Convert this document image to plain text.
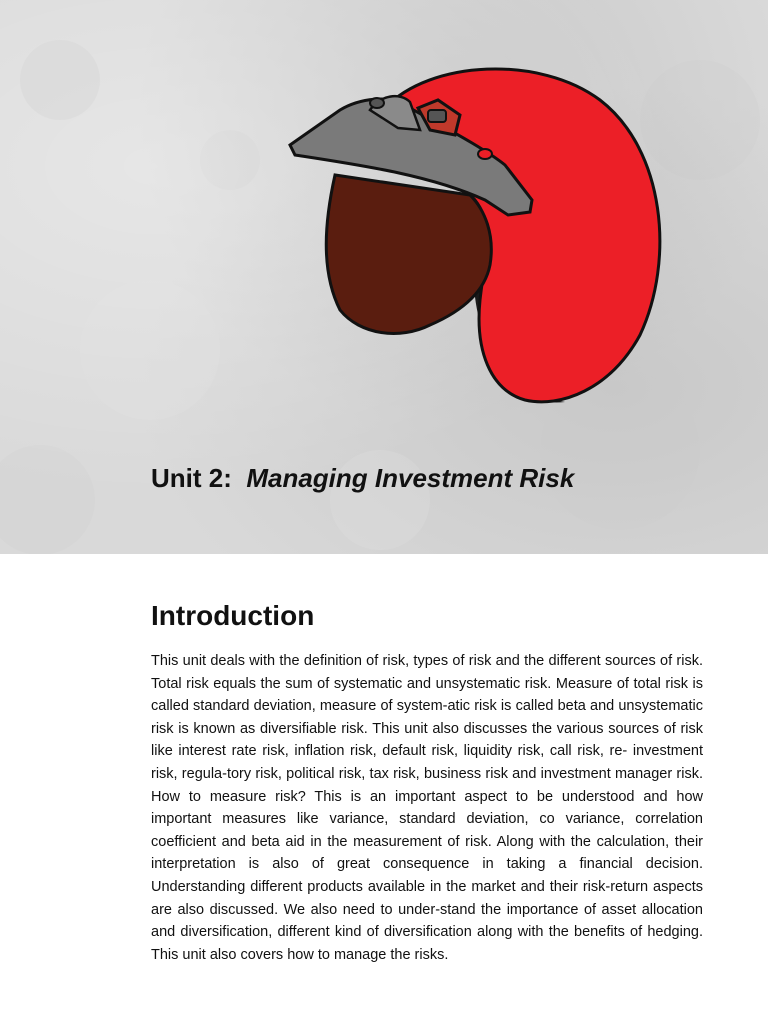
Unit 2: Managing Investment Risk
Introduction

This unit deals with the definition of risk, types of risk and the different sources of risk. Total risk equals the sum of systematic and unsystematic risk. Measure of total risk is called standard deviation, measure of system-atic risk is called beta and unsystematic risk is known as diversifiable risk. This unit also discusses the various sources of risk like interest rate risk, inflation risk, default risk, liquidity risk, call risk, re- investment risk, regula-tory risk, political risk, tax risk, business risk and investment manager risk. How to measure risk? This is an important aspect to be understood and how important measures like variance, standard deviation, co variance, correlation coefficient and beta aid in the measurement of risk. Along with the calculation, their interpretation is also of great consequence in taking a financial decision. Understanding different products available in the market and their risk-return aspects are also discussed. We also need to under-stand the importance of asset allocation and diversification, different kind of diversification along with the benefits of hedging. This unit also covers how to manage the risks.
